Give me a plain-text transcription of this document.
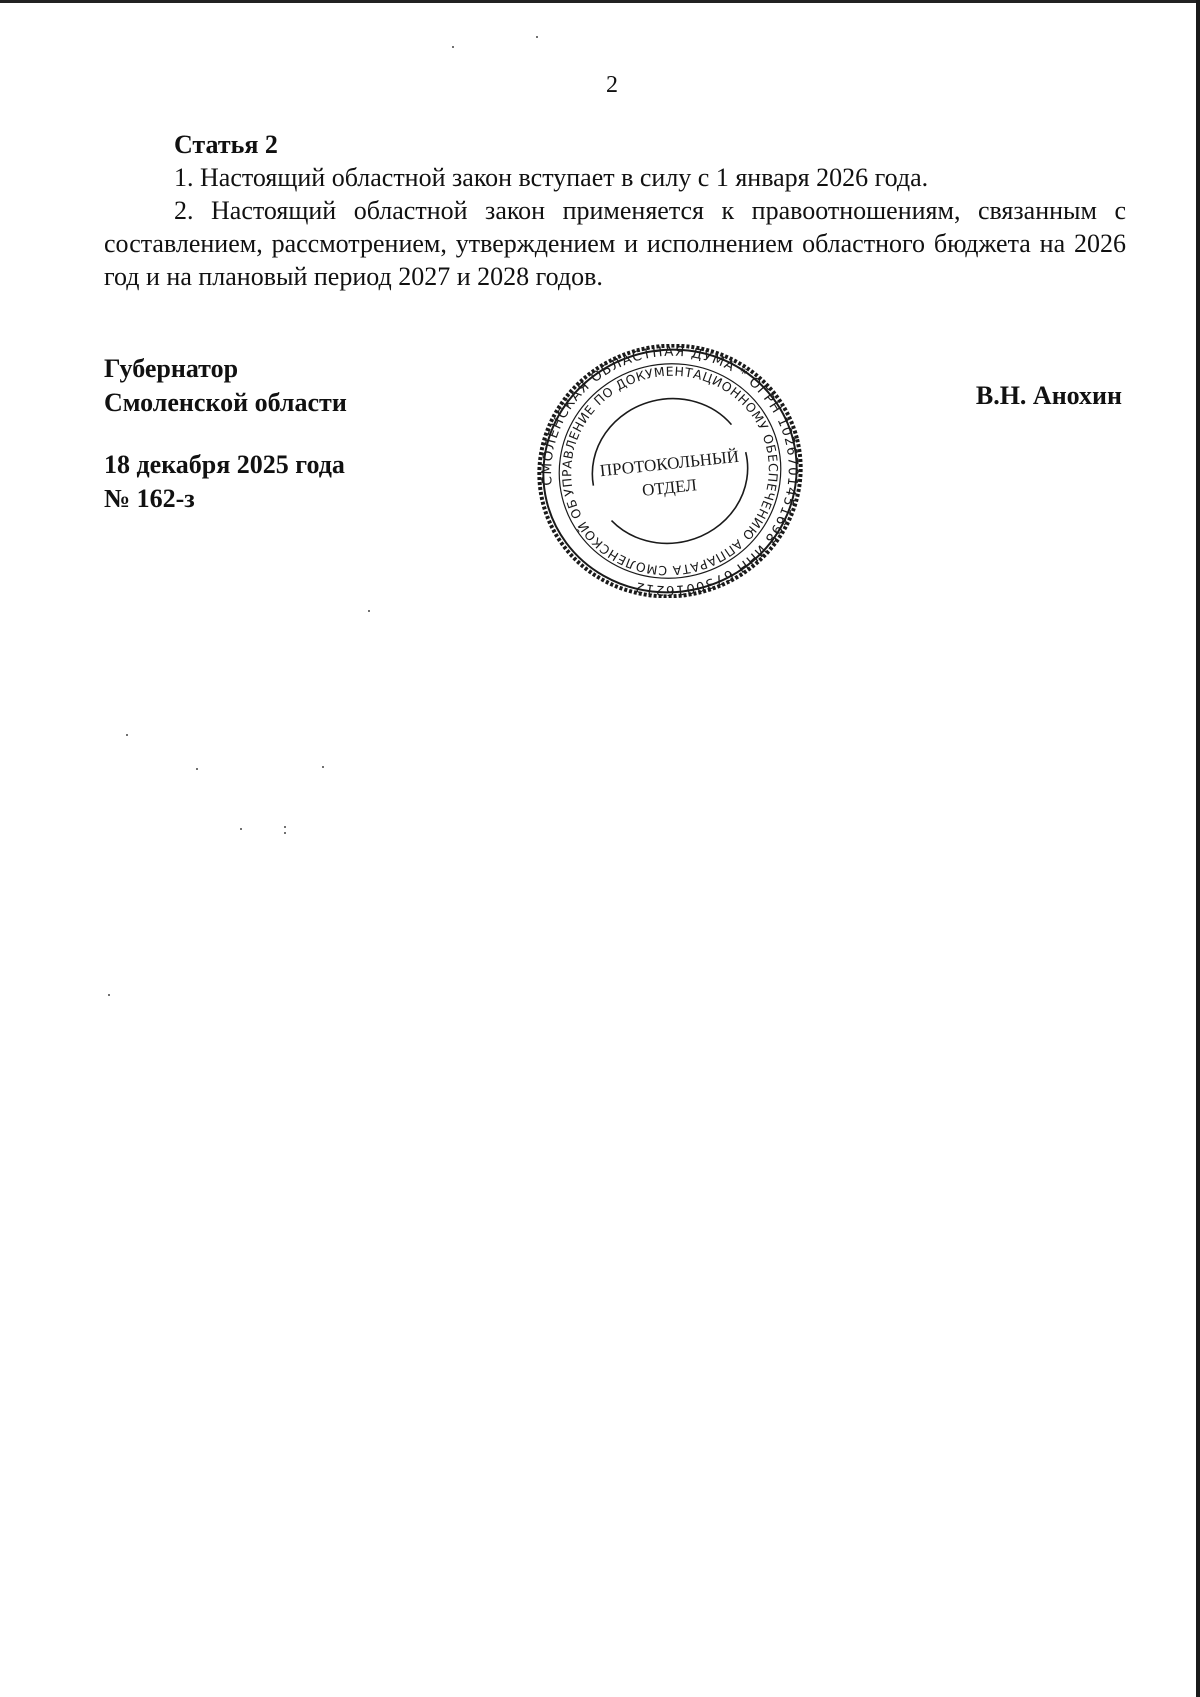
2
Статья 2

1. Настоящий областной закон вступает в силу с 1 января 2026 года.

2. Настоящий областной закон применяется к правоотношениям, связанным с составлением, рассмотрением, утверждением и исполнением областного бюджета на 2026 год и на плановый период 2027 и 2028 годов.

Губернатор
Смоленской области	В.Н. Анохин
18 декабря 2025 года
№ 162-з
СМОЛЕНСКАЯ ОБЛАСТНАЯ ДУМА * ОГРН 1026701451698 ИНН 6730016212
УПРАВЛЕНИЕ ПО ДОКУМЕНТАЦИОННОМУ ОБЕСПЕЧЕНИЮ АППАРАТА СМОЛЕНСКОЙ ОБЛАСТНОЙ
ПРОТОКОЛЬНЫЙ
ОТДЕЛ
